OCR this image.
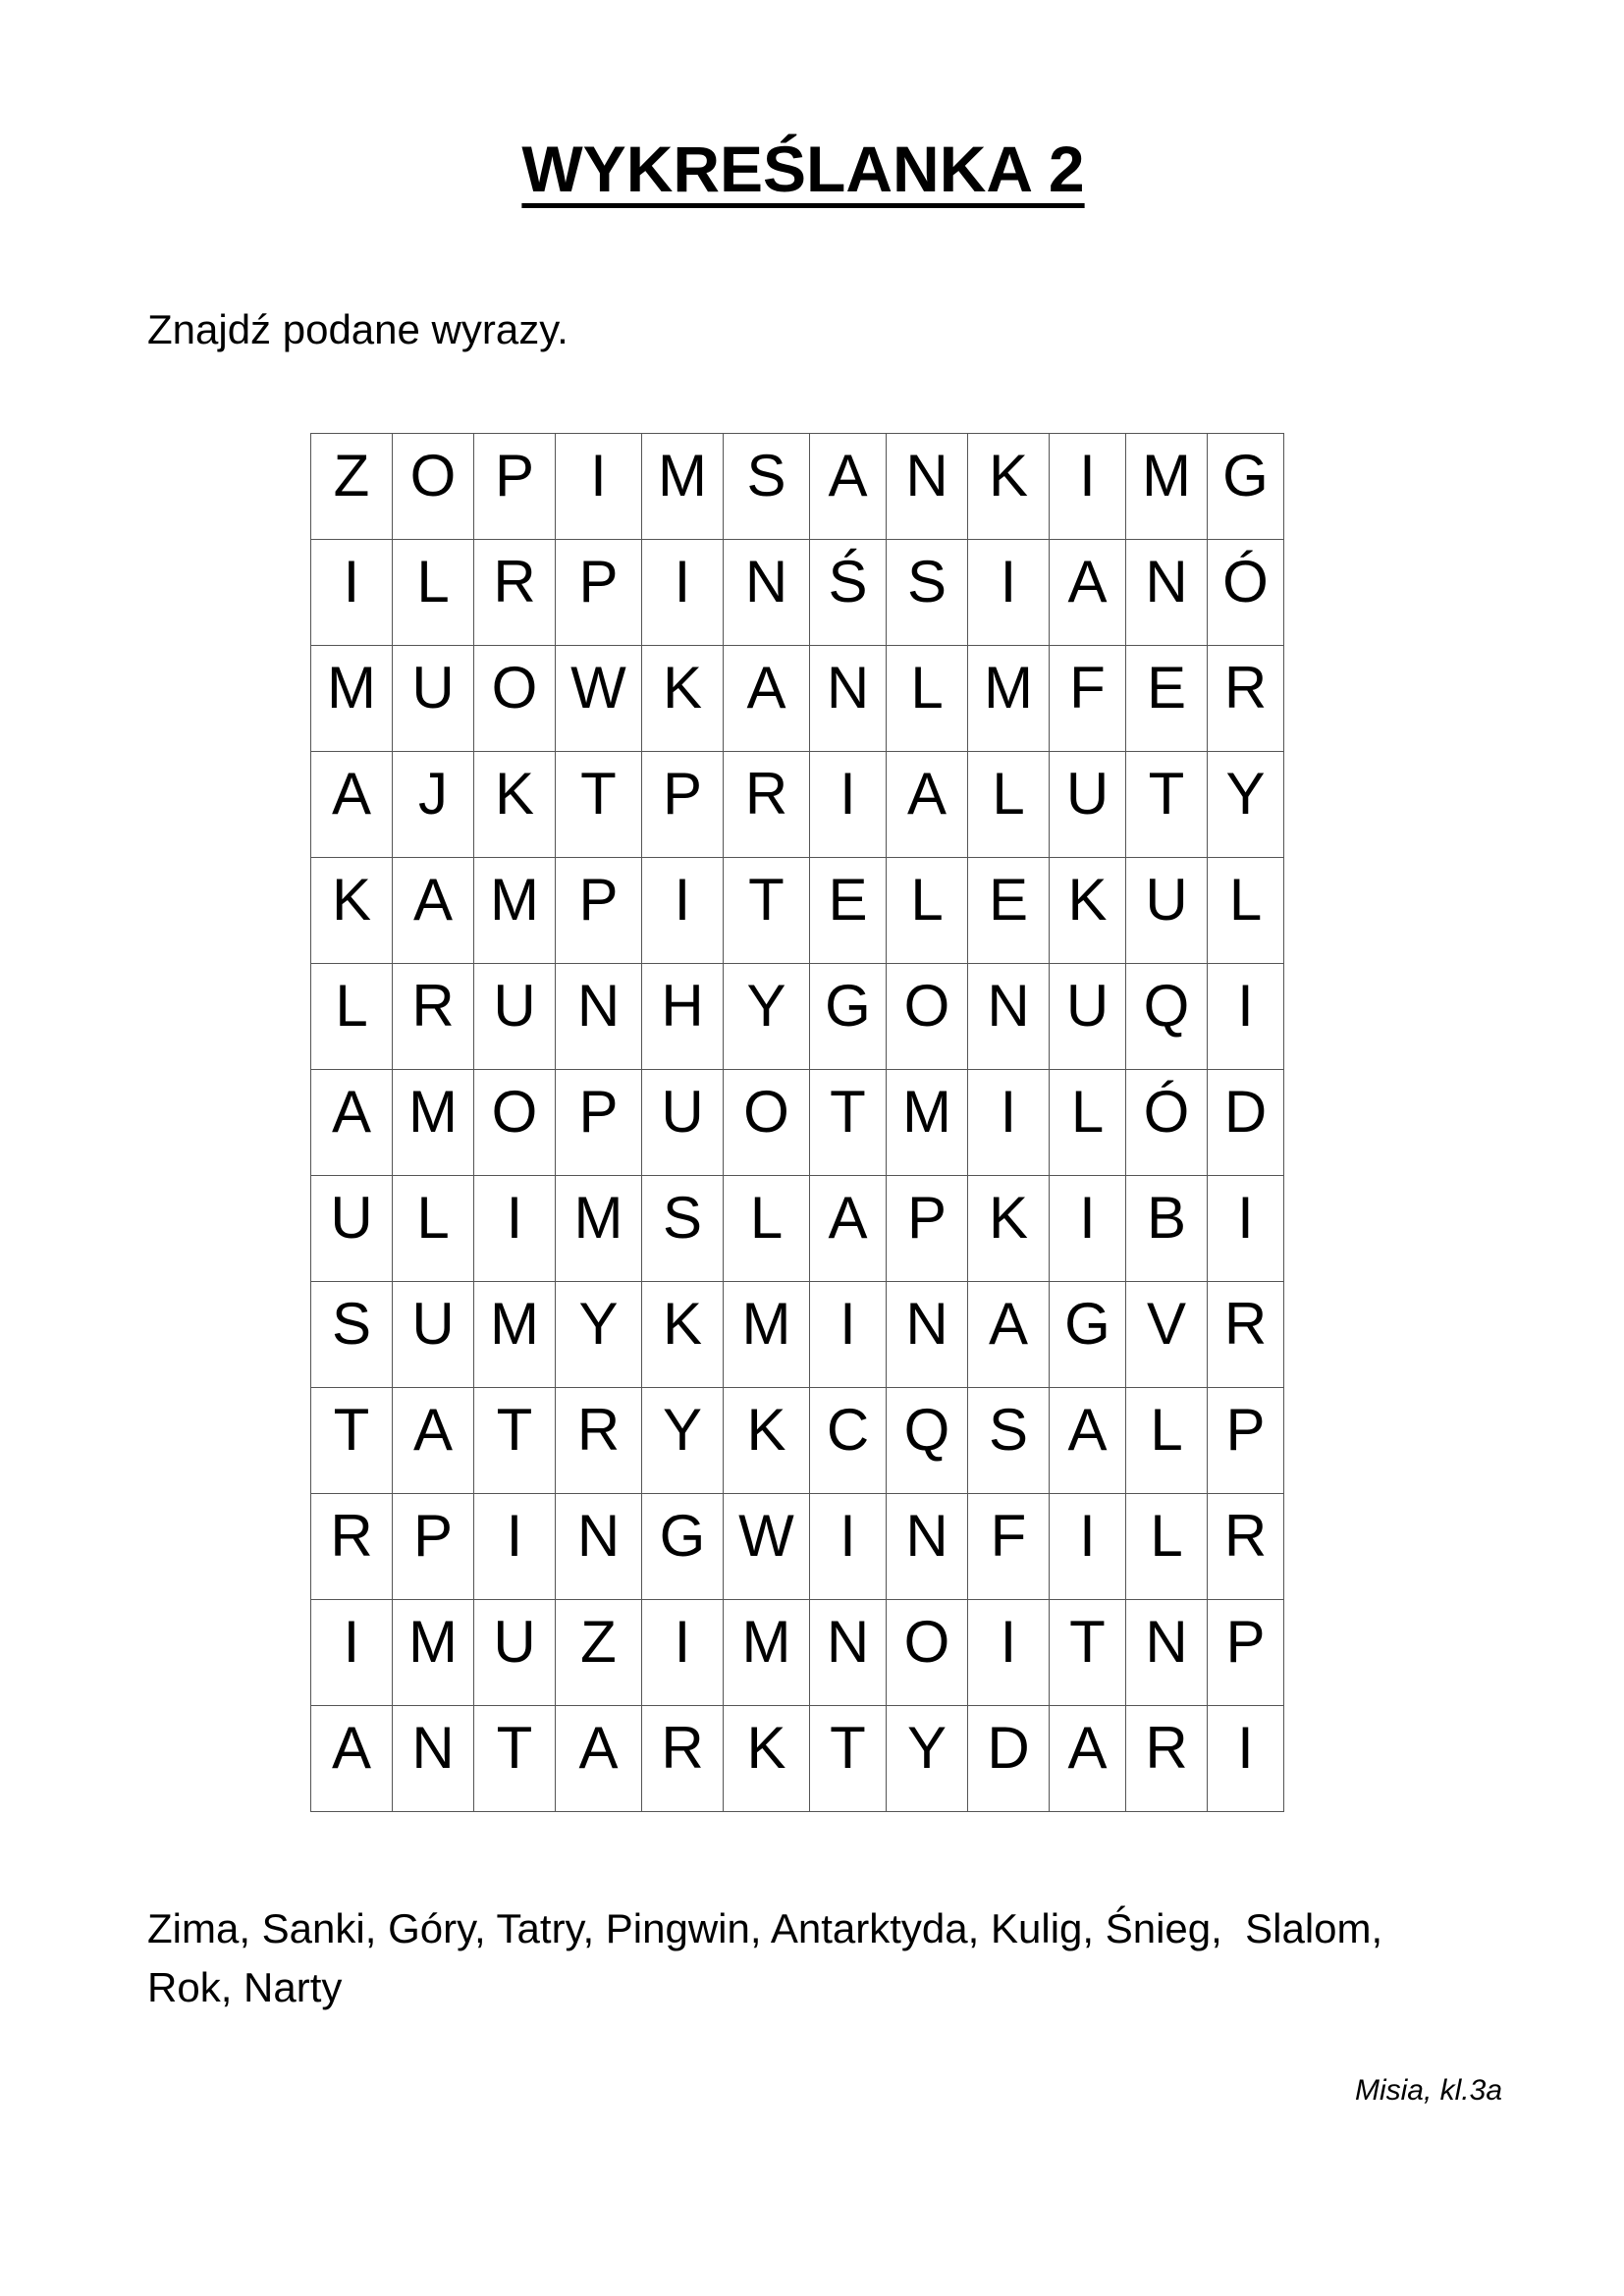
WYKREŚLANKA 2
Znajdź podane wyrazy.
Z	O	P	I	M	S	A	N	K	I	M	G
I	L	R	P	I	N	Ś	S	I	A	N	Ó
M	U	O	W	K	A	N	L	M	F	E	R
A	J	K	T	P	R	I	A	L	U	T	Y
K	A	M	P	I	T	E	L	E	K	U	L
L	R	U	N	H	Y	G	O	N	U	Q	I
A	M	O	P	U	O	T	M	I	L	Ó	D
U	L	I	M	S	L	A	P	K	I	B	I
S	U	M	Y	K	M	I	N	A	G	V	R
T	A	T	R	Y	K	C	Q	S	A	L	P
R	P	I	N	G	W	I	N	F	I	L	R
I	M	U	Z	I	M	N	O	I	T	N	P
A	N	T	A	R	K	T	Y	D	A	R	I
Zima, Sanki, Góry, Tatry, Pingwin, Antarktyda, Kulig, Śnieg,  Slalom,
Rok, Narty
Misia, kl.3a
